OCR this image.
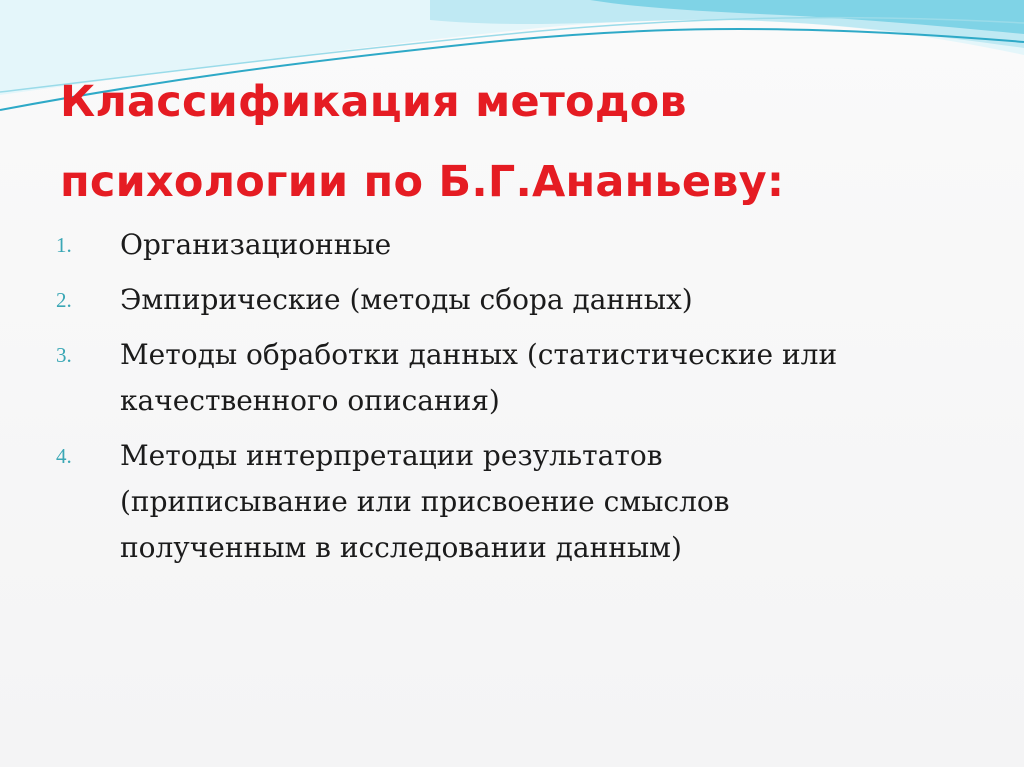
Классификация методов
психологии по Б.Г.Ананьеву:
1.	Организационные
2.	Эмпирические (методы сбора данных)
3.	Методы обработки данных (статистические или
качественного описания)
4.	Методы интерпретации результатов
(приписывание или присвоение смыслов
полученным в исследовании данным)
